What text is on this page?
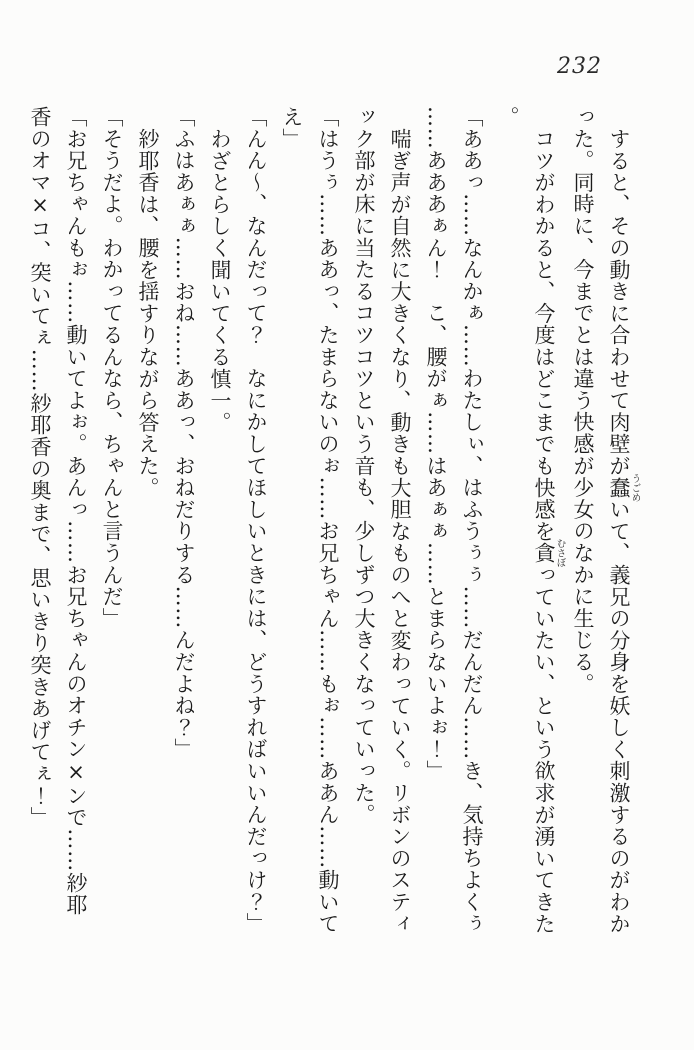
232

すると、その動きに合わせて肉壁が蠢うごめいて、義兄の分身を妖しく刺激するのがわかった。同時に、今までとは違う快感が少女のなかに生じる。

コツがわかると、今度はどこまでも快感を貪むさぼっていたい、という欲求が湧いてきた。

「ああっ……なんかぁ……わたしぃ、はふうぅぅ……だんだん……き、気持ちよくぅ……あああぁん！　こ、腰がぁ……はあぁぁ……とまらないよぉ！」

喘ぎ声が自然に大きくなり、動きも大胆なものへと変わっていく。リボンのスティック部が床に当たるコツコツという音も、少しずつ大きくなっていった。

「はうぅ……ああっ、たまらないのぉ……お兄ちゃん……もぉ……ああん……動いてえ」

「んん〜、なんだって？　なにかしてほしいときには、どうすればいいんだっけ？」

わざとらしく聞いてくる慎一。

「ふはあぁぁ……おね……ああっ、おねだりする……んだよね？」

紗耶香は、腰を揺すりながら答えた。

「そうだよ。わかってるんなら、ちゃんと言うんだ」

「お兄ちゃんもぉ……動いてよぉ。あんっ……お兄ちゃんのオチン×ンで……紗耶香のオマ×コ、突いてぇ……紗耶香の奥まで、思いきり突きあげてぇ！」
